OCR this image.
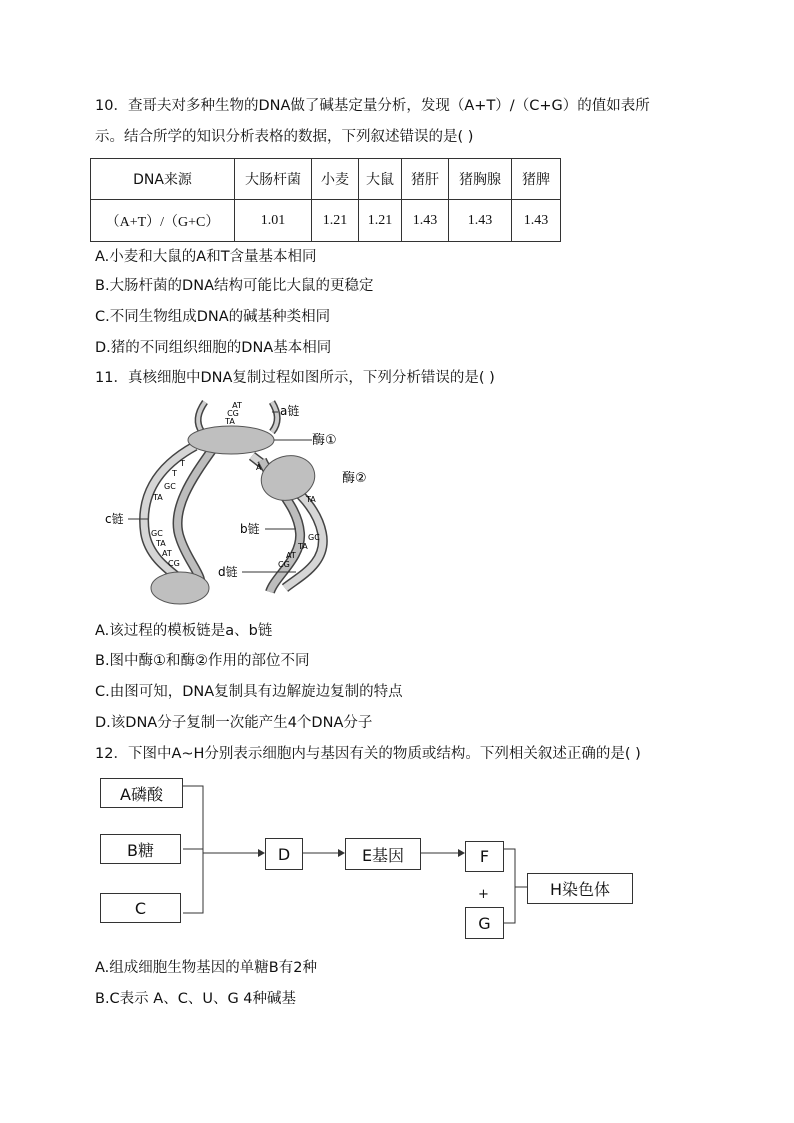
10．查哥夫对多种生物的DNA做了碱基定量分析，发现（A+T）/（C+G）的值如表所
示。结合所学的知识分析表格的数据，下列叙述错误的是( )
DNA来源	大肠杆菌	小麦	大鼠	猪肝	猪胸腺	猪脾
（A+T）/（G+C）	1.01	1.21	1.21	1.43	1.43	1.43
A.小麦和大鼠的A和T含量基本相同
B.大肠杆菌的DNA结构可能比大鼠的更稳定
C.不同生物组成DNA的碱基种类相同
D.猪的不同组织细胞的DNA基本相同
11．真核细胞中DNA复制过程如图所示，下列分析错误的是( )
AT
CG
TA
a链
T
T
GC
TA
GC
TA
AT
CG
c链
A
TA
GC
TA
AT
CG
b链
d链
酶①
酶②
A.该过程的模板链是a、b链
B.图中酶①和酶②作用的部位不同
C.由图可知，DNA复制具有边解旋边复制的特点
D.该DNA分子复制一次能产生4个DNA分子
12．下图中A~H分别表示细胞内与基因有关的物质或结构。下列相关叙述正确的是( )
A磷酸
B糖
C
D	E基因	F
+
G
H染色体
A.组成细胞生物基因的单糖B有2种
B.C表示 A、C、U、G 4种碱基
